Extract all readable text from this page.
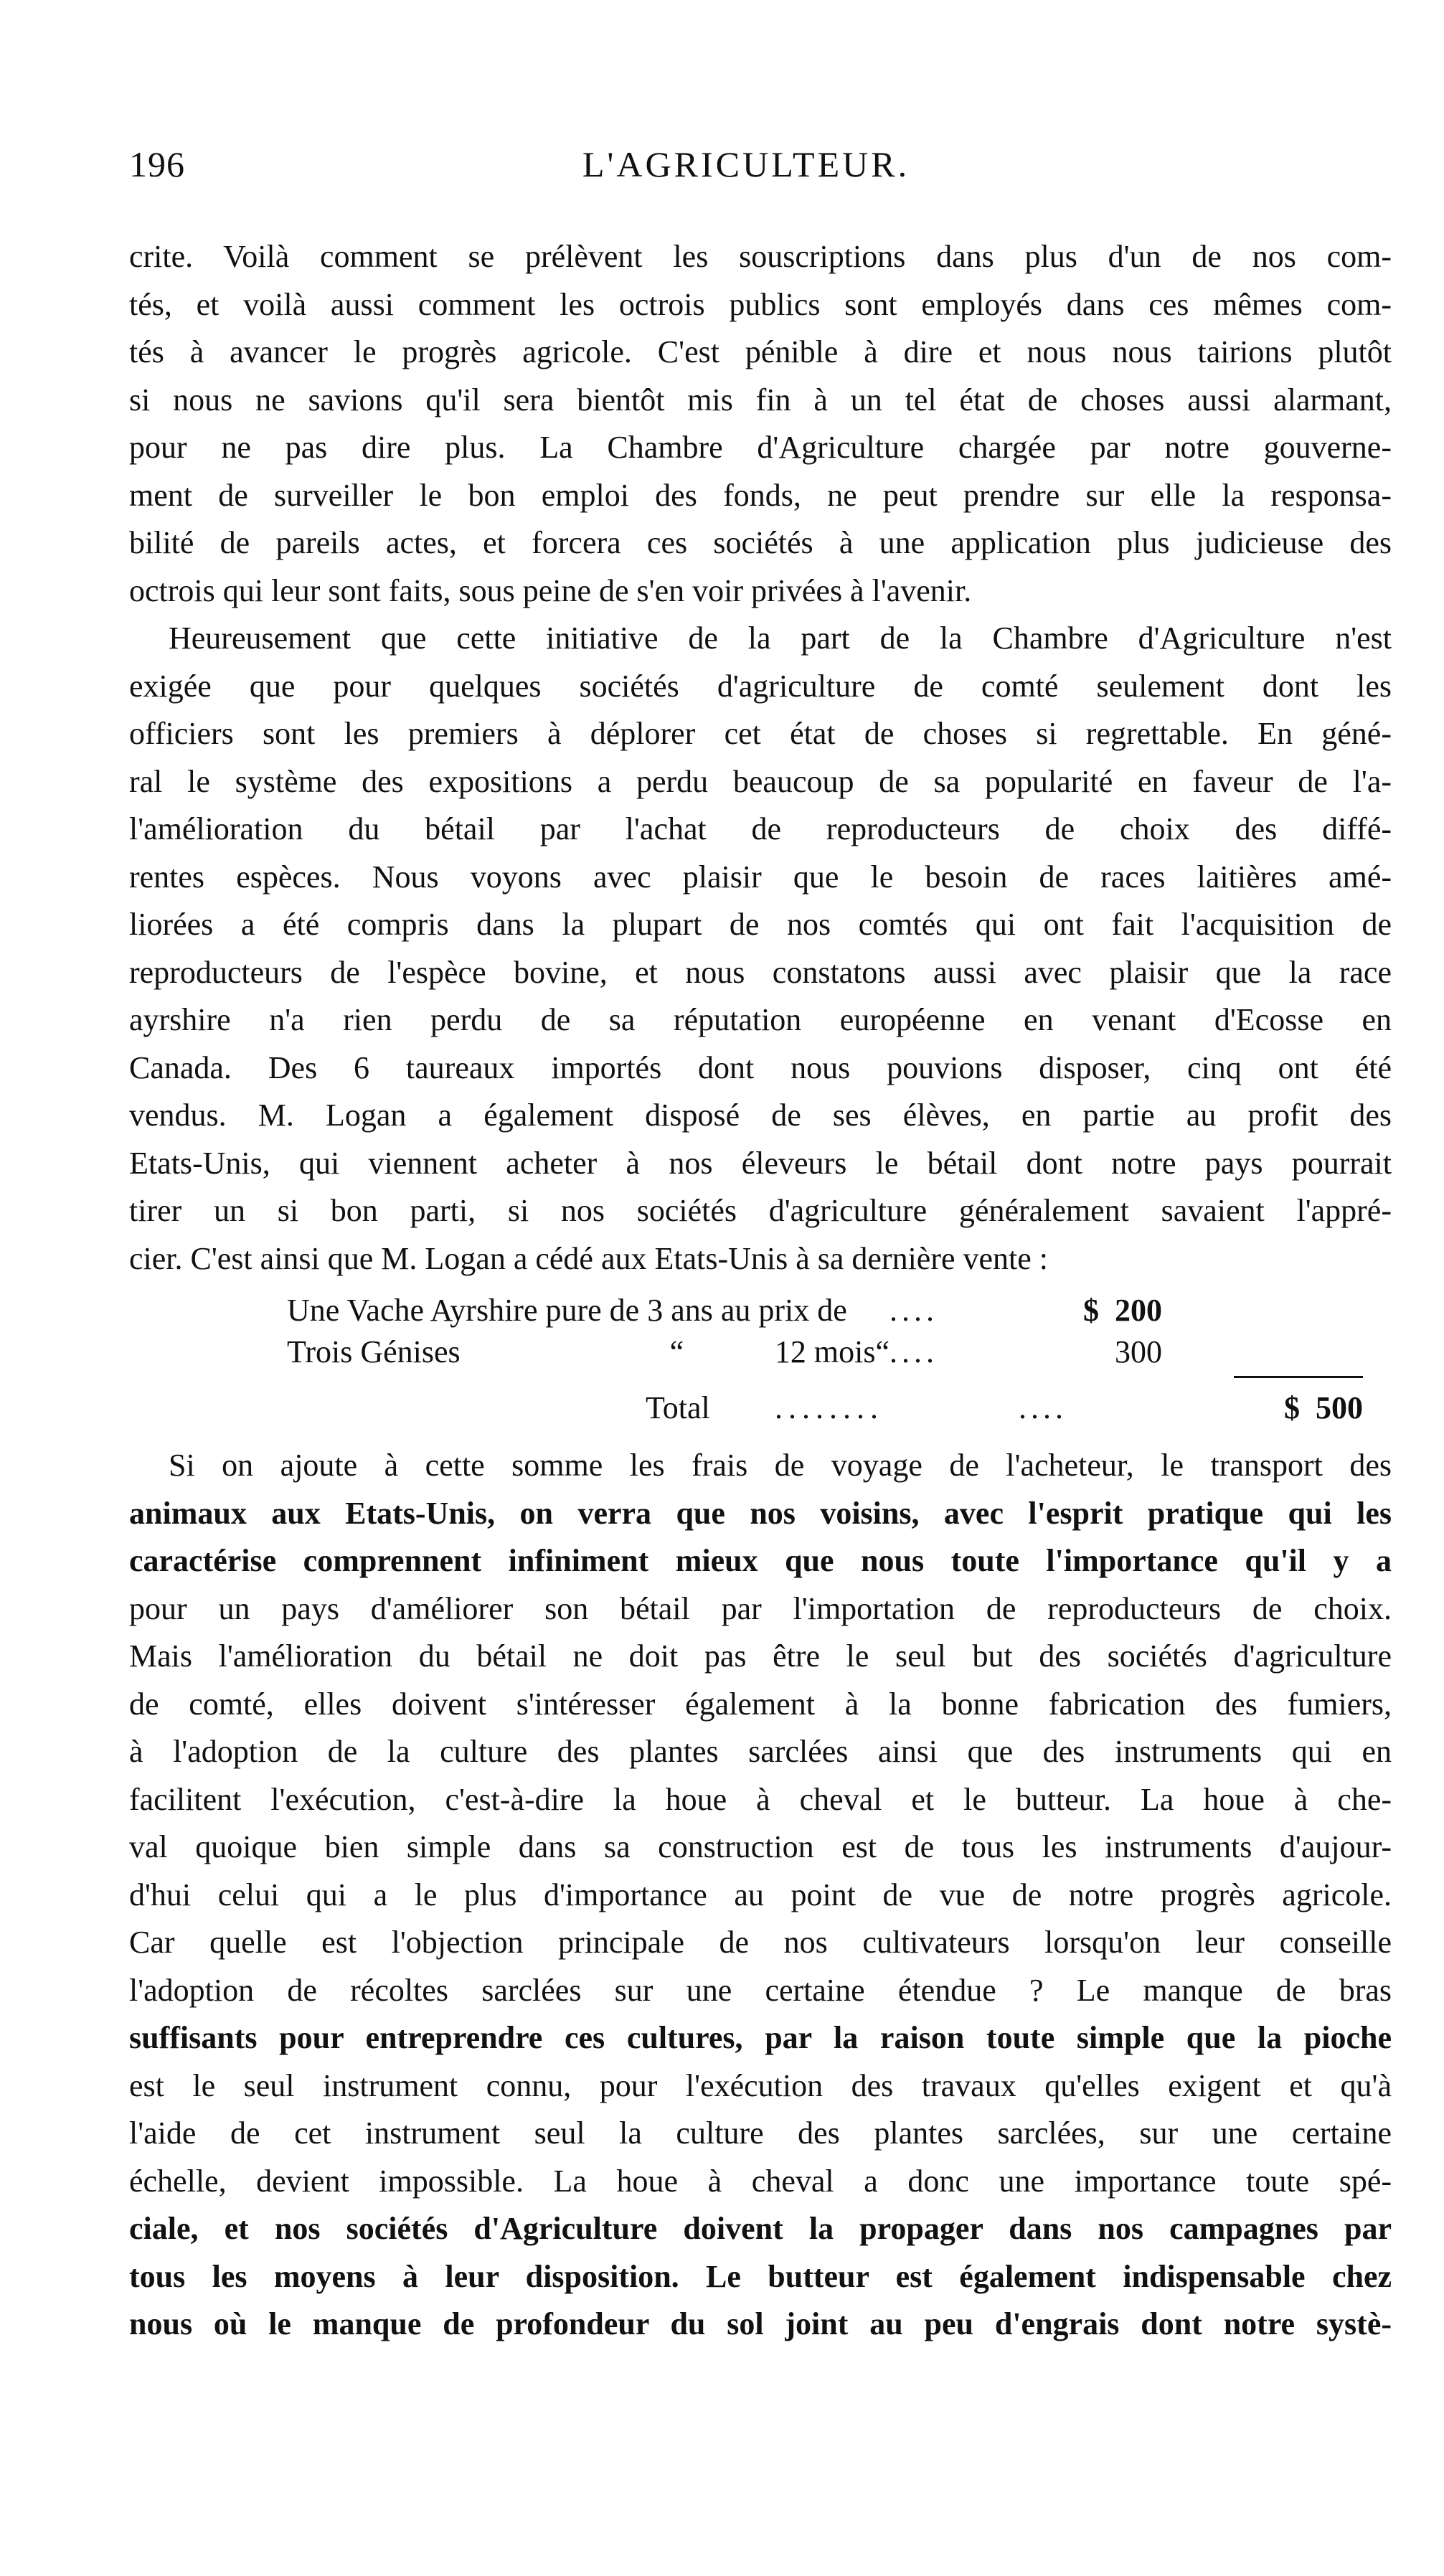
196	L'AGRICULTEUR.
crite. Voilà comment se prélèvent les souscriptions dans plus d'un de nos com-
tés, et voilà aussi comment les octrois publics sont employés dans ces mêmes com-
tés à avancer le progrès agricole. C'est pénible à dire et nous nous tairions plutôt
si nous ne savions qu'il sera bientôt mis fin à un tel état de choses aussi alarmant,
pour ne pas dire plus. La Chambre d'Agriculture chargée par notre gouverne-
ment de surveiller le bon emploi des fonds, ne peut prendre sur elle la responsa-
bilité de pareils actes, et forcera ces sociétés à une application plus judicieuse des
octrois qui leur sont faits, sous peine de s'en voir privées à l'avenir.
Heureusement que cette initiative de la part de la Chambre d'Agriculture n'est
exigée que pour quelques sociétés d'agriculture de comté seulement dont les
officiers sont les premiers à déplorer cet état de choses si regrettable. En géné-
ral le système des expositions a perdu beaucoup de sa popularité en faveur de l'a-
l'amélioration du bétail par l'achat de reproducteurs de choix des diffé-
rentes espèces. Nous voyons avec plaisir que le besoin de races laitières amé-
liorées a été compris dans la plupart de nos comtés qui ont fait l'acquisition de
reproducteurs de l'espèce bovine, et nous constatons aussi avec plaisir que la race
ayrshire n'a rien perdu de sa réputation européenne en venant d'Ecosse en
Canada. Des 6 taureaux importés dont nous pouvions disposer, cinq ont été
vendus. M. Logan a également disposé de ses élèves, en partie au profit des
Etats-Unis, qui viennent acheter à nos éleveurs le bétail dont notre pays pourrait
tirer un si bon parti, si nos sociétés d'agriculture généralement savaient l'appré-
cier. C'est ainsi que M. Logan a cédé aux Etats-Unis à sa dernière vente :
Une Vache Ayrshire pure de 3 ans au prix de	....	$ 200
Trois Génises	“	12 mois “ ....	300
Total	........	....	$ 500
Si on ajoute à cette somme les frais de voyage de l'acheteur, le transport des
animaux aux Etats-Unis, on verra que nos voisins, avec l'esprit pratique qui les
caractérise comprennent infiniment mieux que nous toute l'importance qu'il y a
pour un pays d'améliorer son bétail par l'importation de reproducteurs de choix.
Mais l'amélioration du bétail ne doit pas être le seul but des sociétés d'agriculture
de comté, elles doivent s'intéresser également à la bonne fabrication des fumiers,
à l'adoption de la culture des plantes sarclées ainsi que des instruments qui en
facilitent l'exécution, c'est-à-dire la houe à cheval et le butteur. La houe à che-
val quoique bien simple dans sa construction est de tous les instruments d'aujour-
d'hui celui qui a le plus d'importance au point de vue de notre progrès agricole.
Car quelle est l'objection principale de nos cultivateurs lorsqu'on leur conseille
l'adoption de récoltes sarclées sur une certaine étendue ? Le manque de bras
suffisants pour entreprendre ces cultures, par la raison toute simple que la pioche
est le seul instrument connu, pour l'exécution des travaux qu'elles exigent et qu'à
l'aide de cet instrument seul la culture des plantes sarclées, sur une certaine
échelle, devient impossible. La houe à cheval a donc une importance toute spé-
ciale, et nos sociétés d'Agriculture doivent la propager dans nos campagnes par
tous les moyens à leur disposition. Le butteur est également indispensable chez
nous où le manque de profondeur du sol joint au peu d'engrais dont notre systè-
